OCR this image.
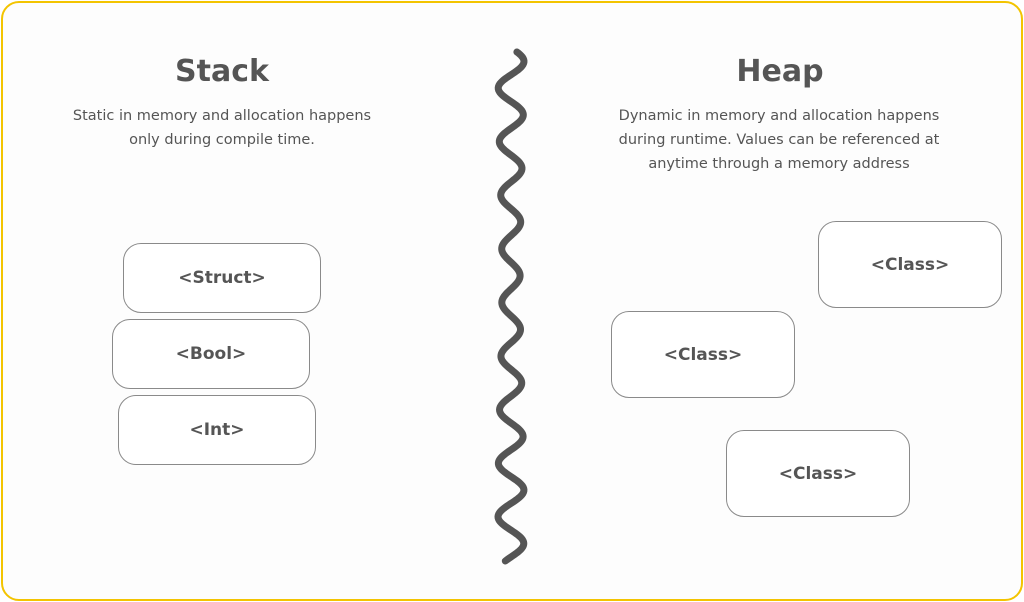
Stack
Static in memory and allocation happens
only during compile time.
<Struct>
<Bool>
<Int>
Heap
Dynamic in memory and allocation happens
during runtime. Values can be referenced at
anytime through a memory address
<Class>
<Class>
<Class>
